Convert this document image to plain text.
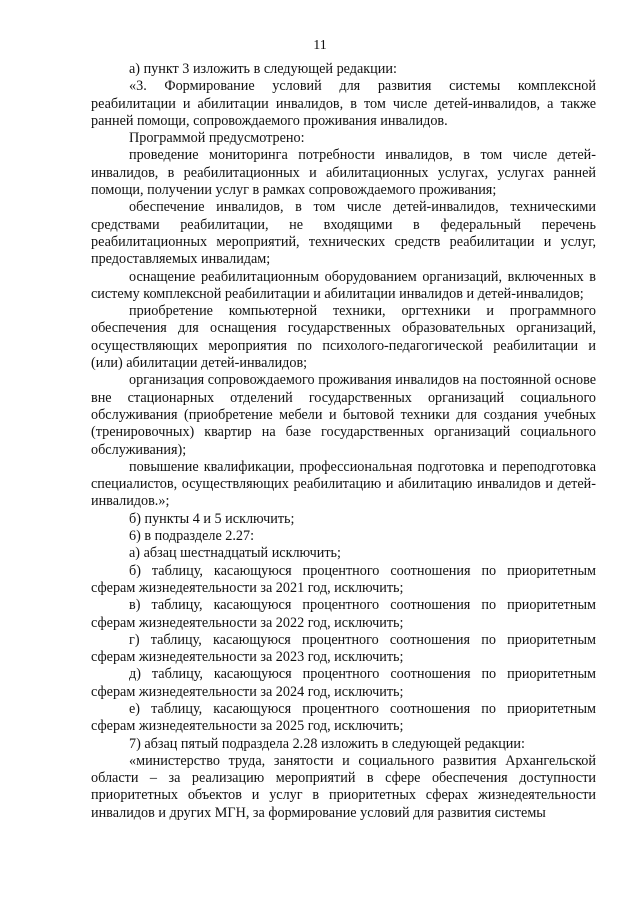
11

а) пункт 3 изложить в следующей редакции:

«3. Формирование условий для развития системы комплексной реабилитации и абилитации инвалидов, в том числе детей-инвалидов, а также ранней помощи, сопровождаемого проживания инвалидов.

Программой предусмотрено:

проведение мониторинга потребности инвалидов, в том числе детей-инвалидов, в реабилитационных и абилитационных услугах, услугах ранней помощи, получении услуг в рамках сопровождаемого проживания;

обеспечение инвалидов, в том числе детей-инвалидов, техническими средствами реабилитации, не входящими в федеральный перечень реабилитационных мероприятий, технических средств реабилитации и услуг, предоставляемых инвалидам;

оснащение реабилитационным оборудованием организаций, включенных в систему комплексной реабилитации и абилитации инвалидов и детей-инвалидов;

приобретение компьютерной техники, оргтехники и программного обеспечения для оснащения государственных образовательных организаций, осуществляющих мероприятия по психолого-педагогической реабилитации и (или) абилитации детей-инвалидов;

организация сопровождаемого проживания инвалидов на постоянной основе вне стационарных отделений государственных организаций социального обслуживания (приобретение мебели и бытовой техники для создания учебных (тренировочных) квартир на базе государственных организаций социального обслуживания);

повышение квалификации, профессиональная подготовка и переподготовка специалистов, осуществляющих реабилитацию и абилитацию инвалидов и детей-инвалидов.»;

б) пункты 4 и 5 исключить;

6) в подразделе 2.27:

а) абзац шестнадцатый исключить;

б) таблицу, касающуюся процентного соотношения по приоритетным сферам жизнедеятельности за 2021 год, исключить;

в) таблицу, касающуюся процентного соотношения по приоритетным сферам жизнедеятельности за 2022 год, исключить;

г) таблицу, касающуюся процентного соотношения по приоритетным сферам жизнедеятельности за 2023 год, исключить;

д) таблицу, касающуюся процентного соотношения по приоритетным сферам жизнедеятельности за 2024 год, исключить;

е) таблицу, касающуюся процентного соотношения по приоритетным сферам жизнедеятельности за 2025 год, исключить;

7) абзац пятый подраздела 2.28 изложить в следующей редакции:

«министерство труда, занятости и социального развития Архангельской области – за реализацию мероприятий в сфере обеспечения доступности приоритетных объектов и услуг в приоритетных сферах жизнедеятельности инвалидов и других МГН, за формирование условий для развития системы
